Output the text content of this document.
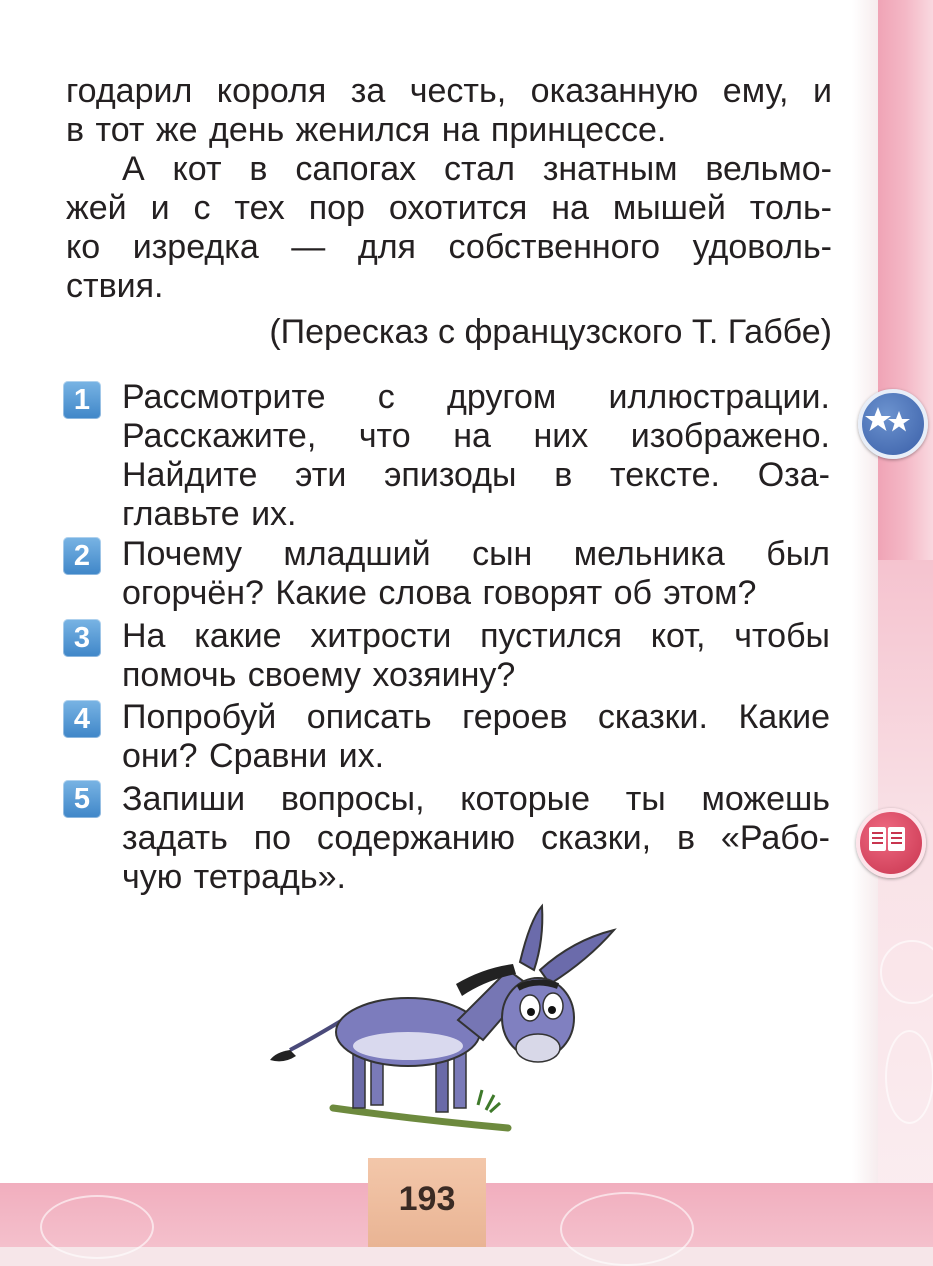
годарил короля за честь, оказанную ему, и

в тот же день женился на принцессе.

А кот в сапогах стал знатным вельмо-

жей и с тех пор охотится на мышей толь-

ко изредка — для собственного удоволь-

ствия.

(Пересказ с французского Т. Габбе)

1 Рассмотрите с другом иллюстрации.
Расскажите, что на них изображено.
Найдите эти эпизоды в тексте. Оза-
главьте их.
2 Почему младший сын мельника был
огорчён? Какие слова говорят об этом?
3 На какие хитрости пустился кот, чтобы
помочь своему хозяину?
4 Попробуй описать героев сказки. Какие
они? Сравни их.
5 Запиши вопросы, которые ты можешь
задать по содержанию сказки, в «Рабо-
чую тетрадь».
193
